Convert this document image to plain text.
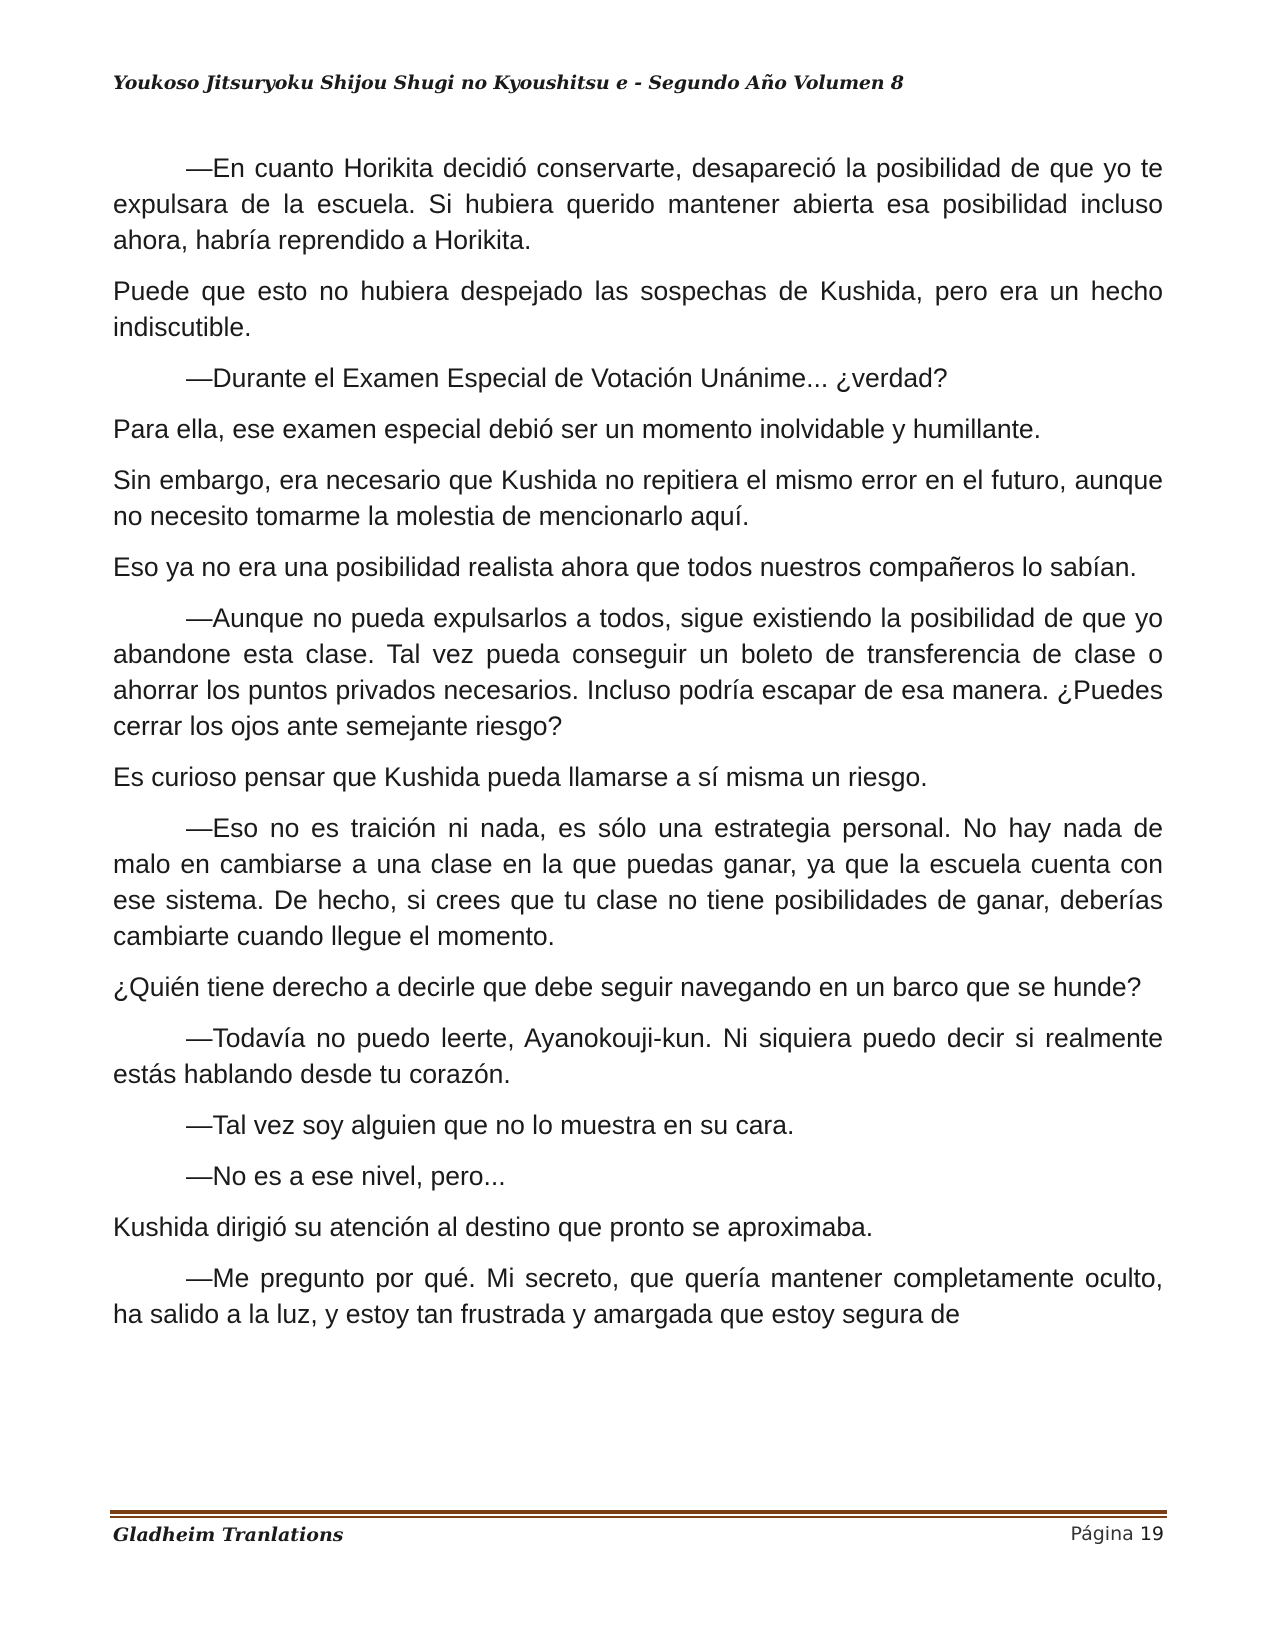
Youkoso Jitsuryoku Shijou Shugi no Kyoushitsu e - Segundo Año Volumen 8

—En cuanto Horikita decidió conservarte, desapareció la posibilidad de que yo te expulsara de la escuela. Si hubiera querido mantener abierta esa posibilidad incluso ahora, habría reprendido a Horikita.

Puede que esto no hubiera despejado las sospechas de Kushida, pero era un hecho indiscutible.

—Durante el Examen Especial de Votación Unánime... ¿verdad?

Para ella, ese examen especial debió ser un momento inolvidable y humillante.

Sin embargo, era necesario que Kushida no repitiera el mismo error en el futuro, aunque no necesito tomarme la molestia de mencionarlo aquí.

Eso ya no era una posibilidad realista ahora que todos nuestros compañeros lo sabían.

—Aunque no pueda expulsarlos a todos, sigue existiendo la posibilidad de que yo abandone esta clase. Tal vez pueda conseguir un boleto de transferencia de clase o ahorrar los puntos privados necesarios. Incluso podría escapar de esa manera. ¿Puedes cerrar los ojos ante semejante riesgo?

Es curioso pensar que Kushida pueda llamarse a sí misma un riesgo.

—Eso no es traición ni nada, es sólo una estrategia personal. No hay nada de malo en cambiarse a una clase en la que puedas ganar, ya que la escuela cuenta con ese sistema. De hecho, si crees que tu clase no tiene posibilidades de ganar, deberías cambiarte cuando llegue el momento.

¿Quién tiene derecho a decirle que debe seguir navegando en un barco que se hunde?

—Todavía no puedo leerte, Ayanokouji-kun. Ni siquiera puedo decir si realmente estás hablando desde tu corazón.

—Tal vez soy alguien que no lo muestra en su cara.

—No es a ese nivel, pero...

Kushida dirigió su atención al destino que pronto se aproximaba.

—Me pregunto por qué. Mi secreto, que quería mantener completamente oculto, ha salido a la luz, y estoy tan frustrada y amargada que estoy segura de

Gladheim Tranlations	Página 19
